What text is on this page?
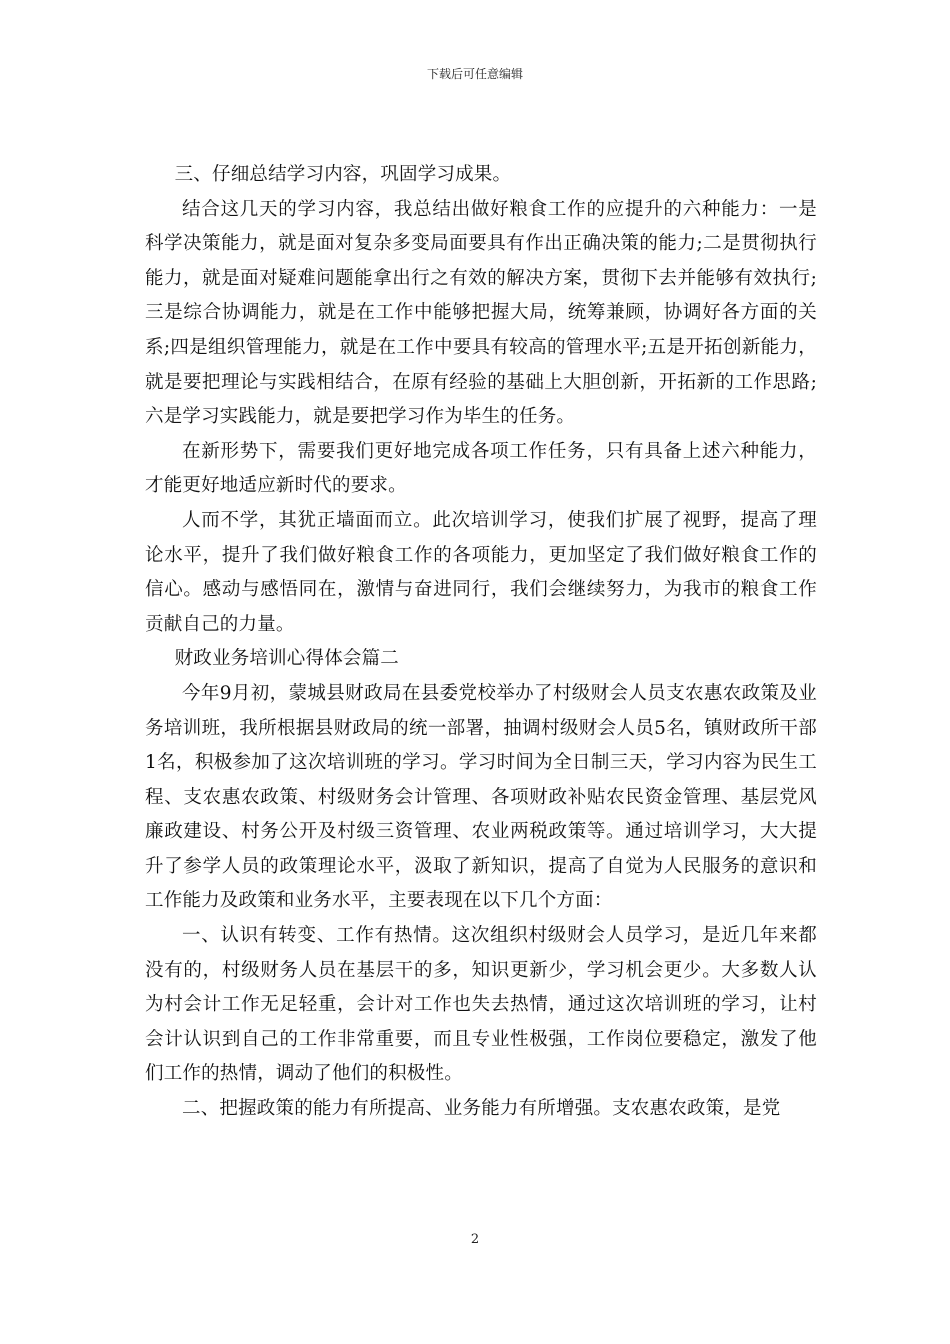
下载后可任意编辑

三、仔细总结学习内容，巩固学习成果。

结合这几天的学习内容，我总结出做好粮食工作的应提升的六种能力：一是科学决策能力，就是面对复杂多变局面要具有作出正确决策的能力;二是贯彻执行能力，就是面对疑难问题能拿出行之有效的解决方案，贯彻下去并能够有效执行;三是综合协调能力，就是在工作中能够把握大局，统筹兼顾，协调好各方面的关系;四是组织管理能力，就是在工作中要具有较高的管理水平;五是开拓创新能力，就是要把理论与实践相结合，在原有经验的基础上大胆创新，开拓新的工作思路;六是学习实践能力，就是要把学习作为毕生的任务。

在新形势下，需要我们更好地完成各项工作任务，只有具备上述六种能力，才能更好地适应新时代的要求。

人而不学，其犹正墙面而立。此次培训学习，使我们扩展了视野，提高了理论水平，提升了我们做好粮食工作的各项能力，更加坚定了我们做好粮食工作的信心。感动与感悟同在，激情与奋进同行，我们会继续努力，为我市的粮食工作贡献自己的力量。

财政业务培训心得体会篇二

今年9月初，蒙城县财政局在县委党校举办了村级财会人员支农惠农政策及业务培训班，我所根据县财政局的统一部署，抽调村级财会人员5名，镇财政所干部1名，积极参加了这次培训班的学习。学习时间为全日制三天，学习内容为民生工程、支农惠农政策、村级财务会计管理、各项财政补贴农民资金管理、基层党风廉政建设、村务公开及村级三资管理、农业两税政策等。通过培训学习，大大提升了参学人员的政策理论水平，汲取了新知识，提高了自觉为人民服务的意识和工作能力及政策和业务水平，主要表现在以下几个方面：

一、认识有转变、工作有热情。这次组织村级财会人员学习，是近几年来都没有的，村级财务人员在基层干的多，知识更新少，学习机会更少。大多数人认为村会计工作无足轻重，会计对工作也失去热情，通过这次培训班的学习，让村会计认识到自己的工作非常重要，而且专业性极强，工作岗位要稳定，激发了他们工作的热情，调动了他们的积极性。

二、把握政策的能力有所提高、业务能力有所增强。支农惠农政策，是党

2
